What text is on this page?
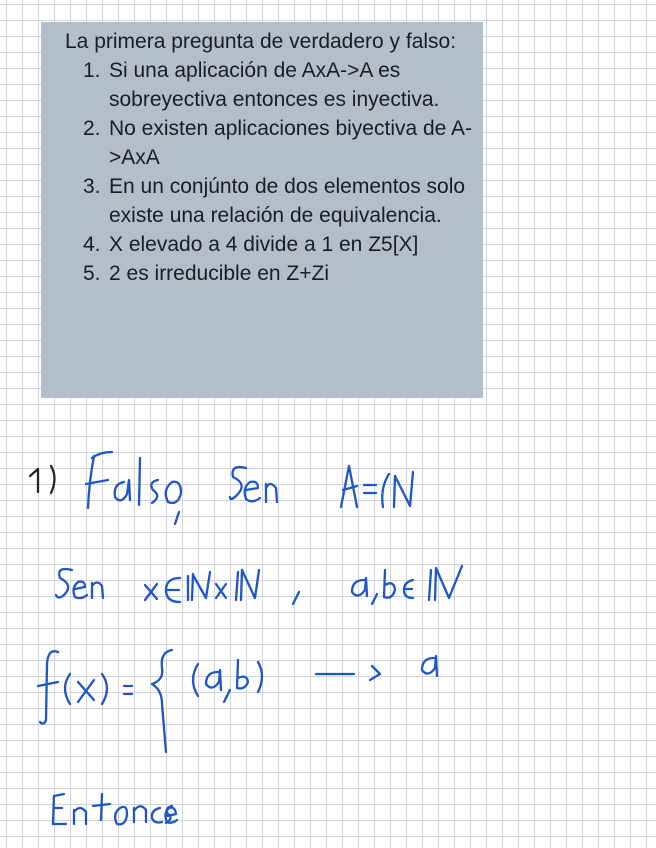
La primera pregunta de verdadero y falso:

1. Si una aplicación de AxA->A es sobreyectiva entonces es inyectiva.
2. No existen aplicaciones biyectiva de A->AxA
3. En un conjúnto de dos elementos solo existe una relación de equivalencia.
4. X elevado a 4 divide a 1 en Z5[X]
5. 2 es irreducible en Z+Zi
